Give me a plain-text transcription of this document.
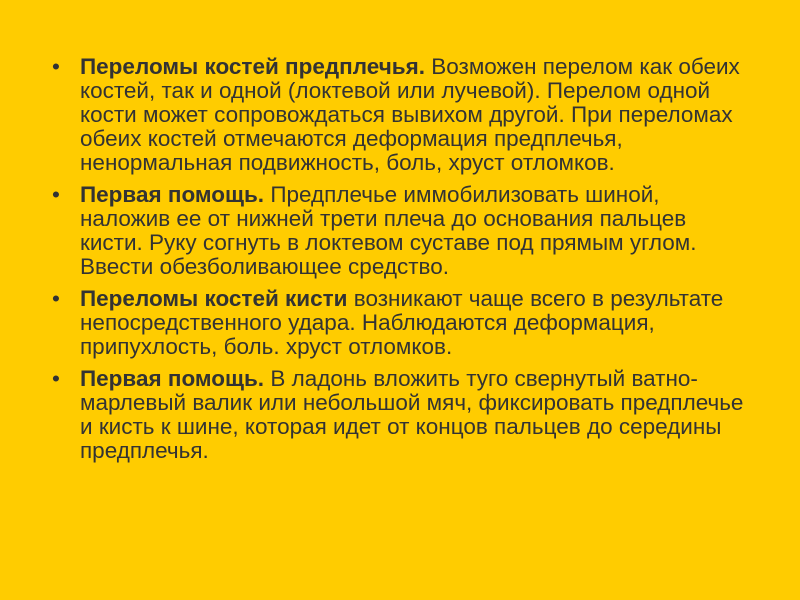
• Переломы костей предплечья. Возможен перелом как обеих костей, так и одной (локтевой или лучевой). Перелом одной кости может сопровождаться вывихом другой. При переломах обеих костей отмечаются деформация предплечья, ненормальная подвижность, боль, хруст отломков.
• Первая помощь. Предплечье иммобилизовать шиной, наложив ее от нижней трети плеча до основания пальцев кисти. Руку согнуть в локтевом суставе под прямым углом. Ввести обезболивающее средство.
• Переломы костей кисти возникают чаще всего в результате непосредственного удара. Наблюдаются деформация, припухлость, боль. хруст отломков.
• Первая помощь. В ладонь вложить туго свернутый ватно-марлевый валик или небольшой мяч, фиксировать предплечье и кисть к шине, которая идет от концов пальцев до середины предплечья.
